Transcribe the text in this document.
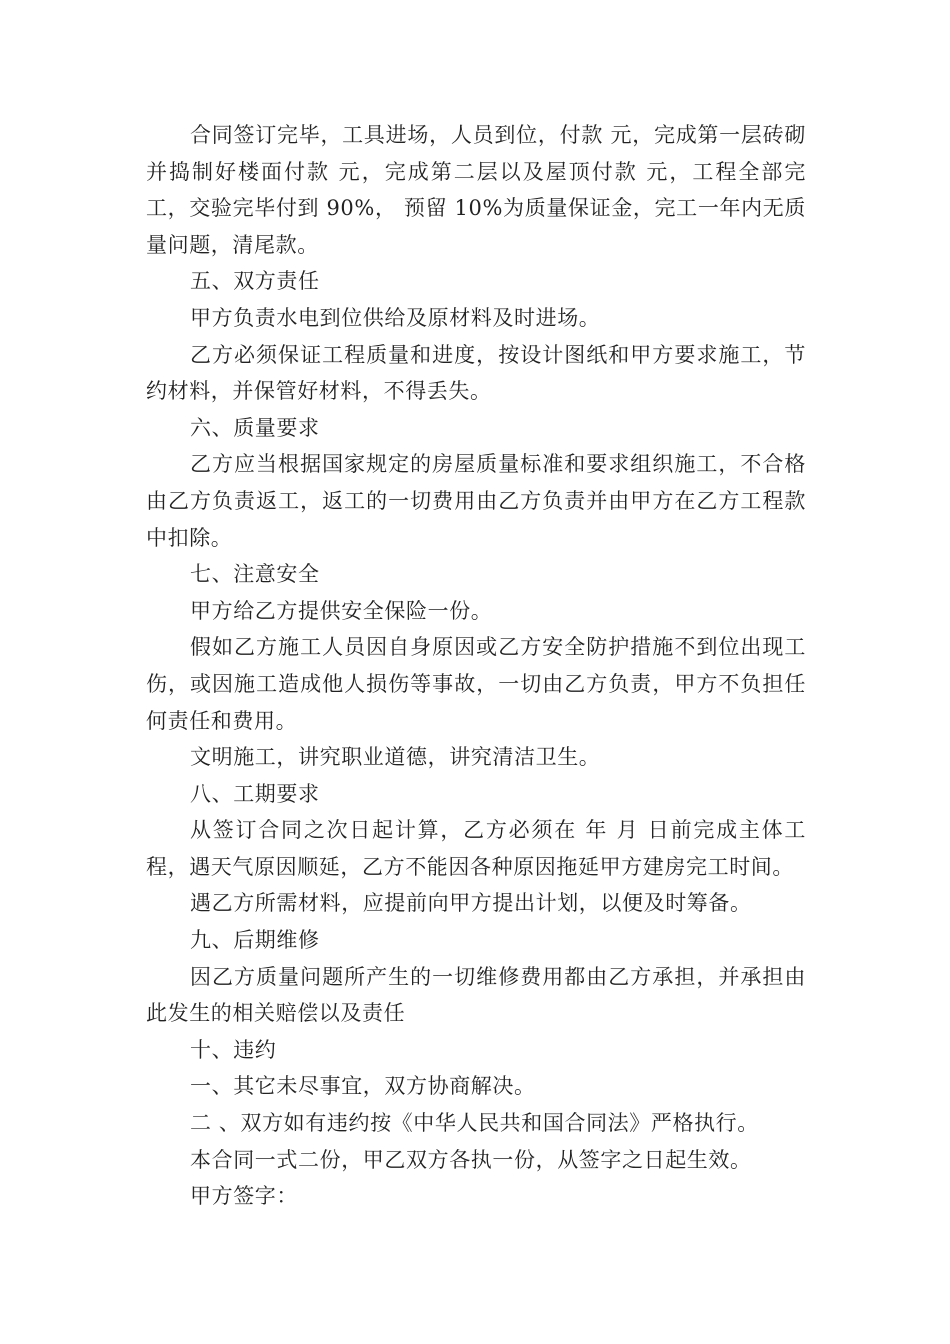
合同签订完毕，工具进场，人员到位，付款 元，完成第一层砖砌并捣制好楼面付款 元，完成第二层以及屋顶付款 元，工程全部完工，交验完毕付到 90%， 预留 10%为质量保证金，完工一年内无质量问题，清尾款。

五、双方责任

甲方负责水电到位供给及原材料及时进场。

乙方必须保证工程质量和进度，按设计图纸和甲方要求施工，节约材料，并保管好材料，不得丢失。

六、质量要求

乙方应当根据国家规定的房屋质量标准和要求组织施工，不合格由乙方负责返工，返工的一切费用由乙方负责并由甲方在乙方工程款中扣除。

七、注意安全

甲方给乙方提供安全保险一份。

假如乙方施工人员因自身原因或乙方安全防护措施不到位出现工伤，或因施工造成他人损伤等事故，一切由乙方负责，甲方不负担任何责任和费用。

文明施工，讲究职业道德，讲究清洁卫生。

八、工期要求

从签订合同之次日起计算，乙方必须在 年 月 日前完成主体工程，遇天气原因顺延，乙方不能因各种原因拖延甲方建房完工时间。

遇乙方所需材料，应提前向甲方提出计划，以便及时筹备。

九、后期维修

因乙方质量问题所产生的一切维修费用都由乙方承担，并承担由此发生的相关赔偿以及责任

十、违约

一、其它未尽事宜，双方协商解决。

二 、双方如有违约按《中华人民共和国合同法》严格执行。

本合同一式二份，甲乙双方各执一份，从签字之日起生效。

甲方签字：
